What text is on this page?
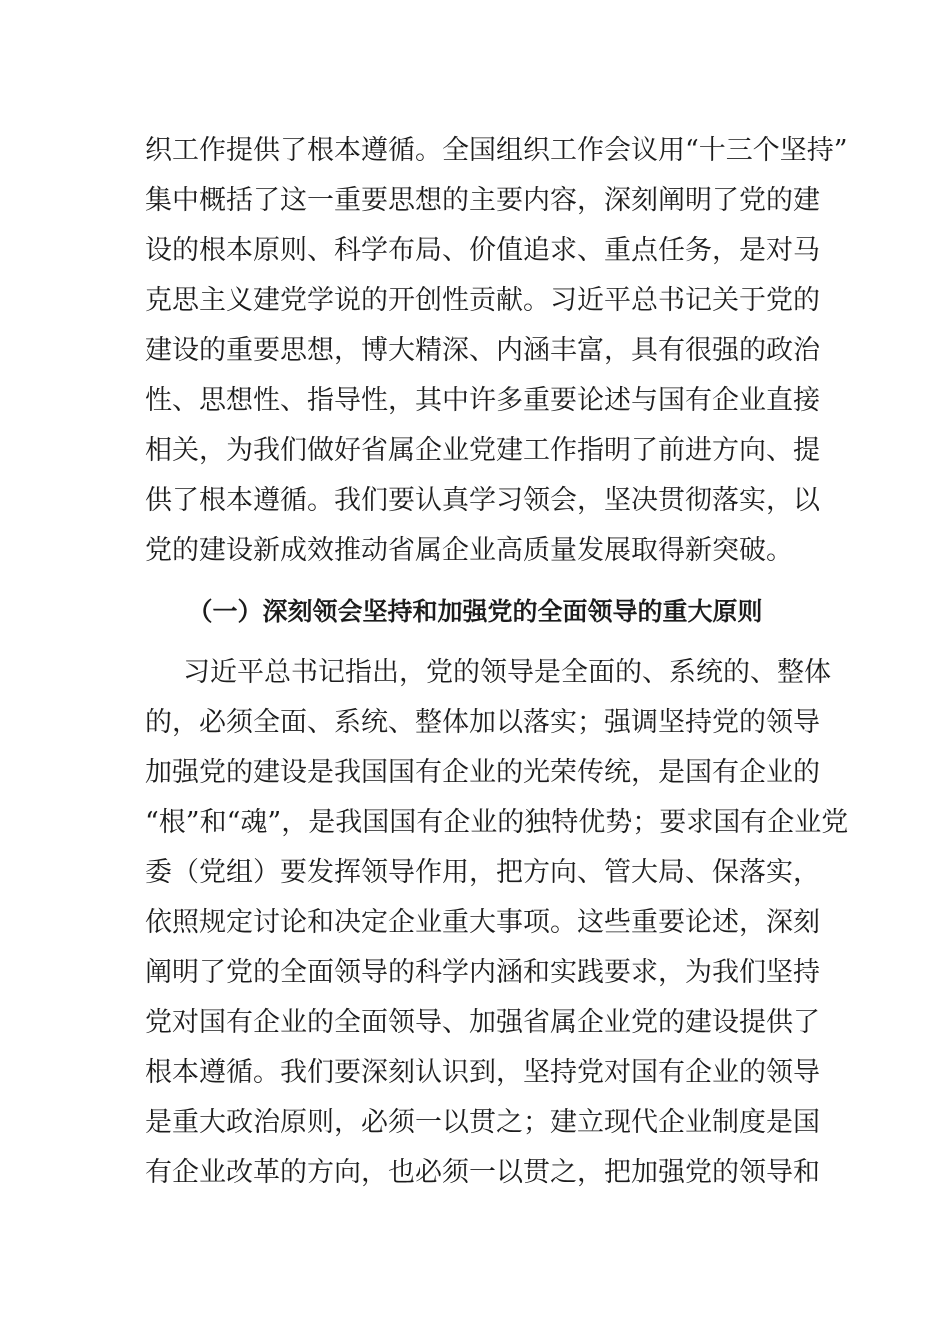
织工作提供了根本遵循。全国组织工作会议用“十三个坚持”
集中概括了这一重要思想的主要内容，深刻阐明了党的建
设的根本原则、科学布局、价值追求、重点任务，是对马
克思主义建党学说的开创性贡献。习近平总书记关于党的
建设的重要思想，博大精深、内涵丰富，具有很强的政治
性、思想性、指导性，其中许多重要论述与国有企业直接
相关，为我们做好省属企业党建工作指明了前进方向、提
供了根本遵循。我们要认真学习领会，坚决贯彻落实，以
党的建设新成效推动省属企业高质量发展取得新突破。
（一）深刻领会坚持和加强党的全面领导的重大原则
习近平总书记指出，党的领导是全面的、系统的、整体
的，必须全面、系统、整体加以落实；强调坚持党的领导
加强党的建设是我国国有企业的光荣传统，是国有企业的
“根”和“魂”，是我国国有企业的独特优势；要求国有企业党
委（党组）要发挥领导作用，把方向、管大局、保落实，
依照规定讨论和决定企业重大事项。这些重要论述，深刻
阐明了党的全面领导的科学内涵和实践要求，为我们坚持
党对国有企业的全面领导、加强省属企业党的建设提供了
根本遵循。我们要深刻认识到，坚持党对国有企业的领导
是重大政治原则，必须一以贯之；建立现代企业制度是国
有企业改革的方向，也必须一以贯之，把加强党的领导和
